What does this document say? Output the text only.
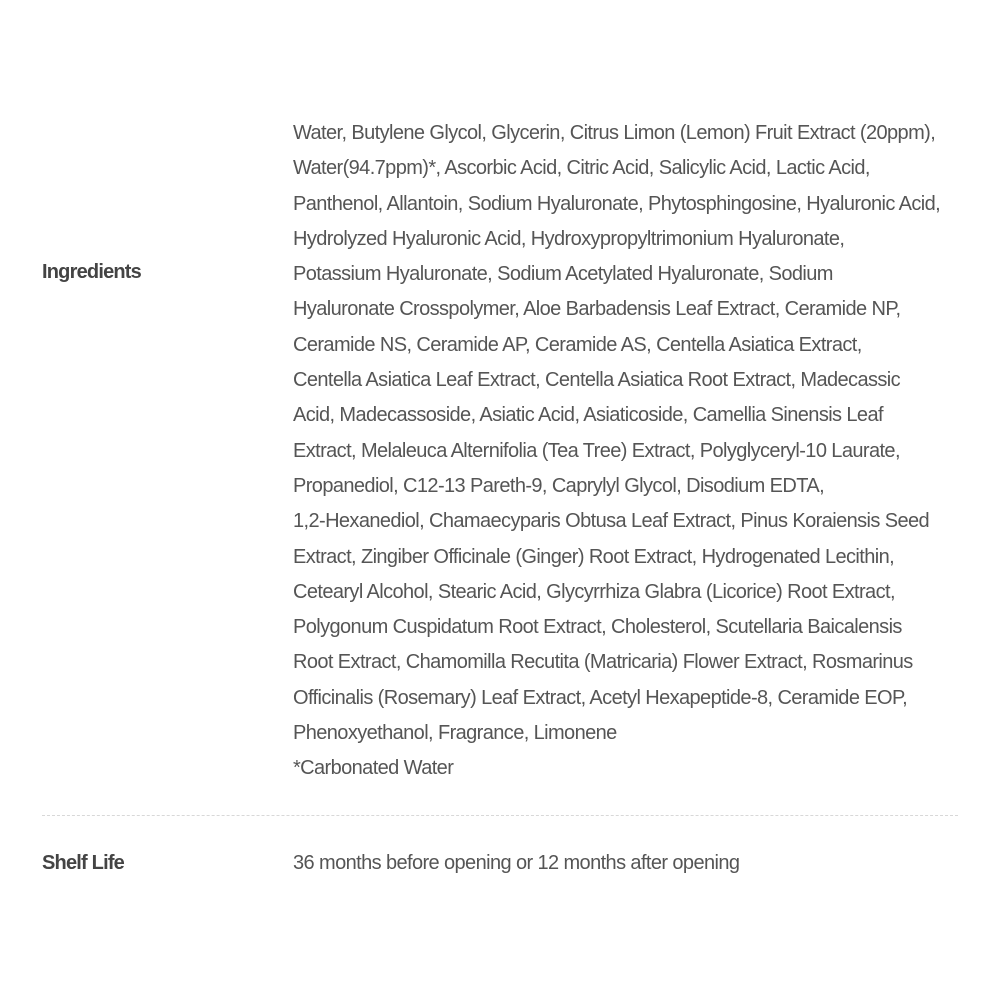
Ingredients
Water, Butylene Glycol, Glycerin, Citrus Limon (Lemon) Fruit Extract (20ppm),
Water(94.7ppm)*, Ascorbic Acid, Citric Acid, Salicylic Acid, Lactic Acid,
Panthenol, Allantoin, Sodium Hyaluronate, Phytosphingosine, Hyaluronic Acid,
Hydrolyzed Hyaluronic Acid, Hydroxypropyltrimonium Hyaluronate,
Potassium Hyaluronate, Sodium Acetylated Hyaluronate, Sodium
Hyaluronate Crosspolymer, Aloe Barbadensis Leaf Extract, Ceramide NP,
Ceramide NS, Ceramide AP, Ceramide AS, Centella Asiatica Extract,
Centella Asiatica Leaf Extract, Centella Asiatica Root Extract, Madecassic
Acid, Madecassoside, Asiatic Acid, Asiaticoside, Camellia Sinensis Leaf
Extract, Melaleuca Alternifolia (Tea Tree) Extract, Polyglyceryl-10 Laurate,
Propanediol, C12-13 Pareth-9, Caprylyl Glycol, Disodium EDTA,
1,2-Hexanediol, Chamaecyparis Obtusa Leaf Extract, Pinus Koraiensis Seed
Extract, Zingiber Officinale (Ginger) Root Extract, Hydrogenated Lecithin,
Cetearyl Alcohol, Stearic Acid, Glycyrrhiza Glabra (Licorice) Root Extract,
Polygonum Cuspidatum Root Extract, Cholesterol, Scutellaria Baicalensis
Root Extract, Chamomilla Recutita (Matricaria) Flower Extract, Rosmarinus
Officinalis (Rosemary) Leaf Extract, Acetyl Hexapeptide-8, Ceramide EOP,
Phenoxyethanol, Fragrance, Limonene
*Carbonated Water
Shelf Life	36 months before opening or 12 months after opening
